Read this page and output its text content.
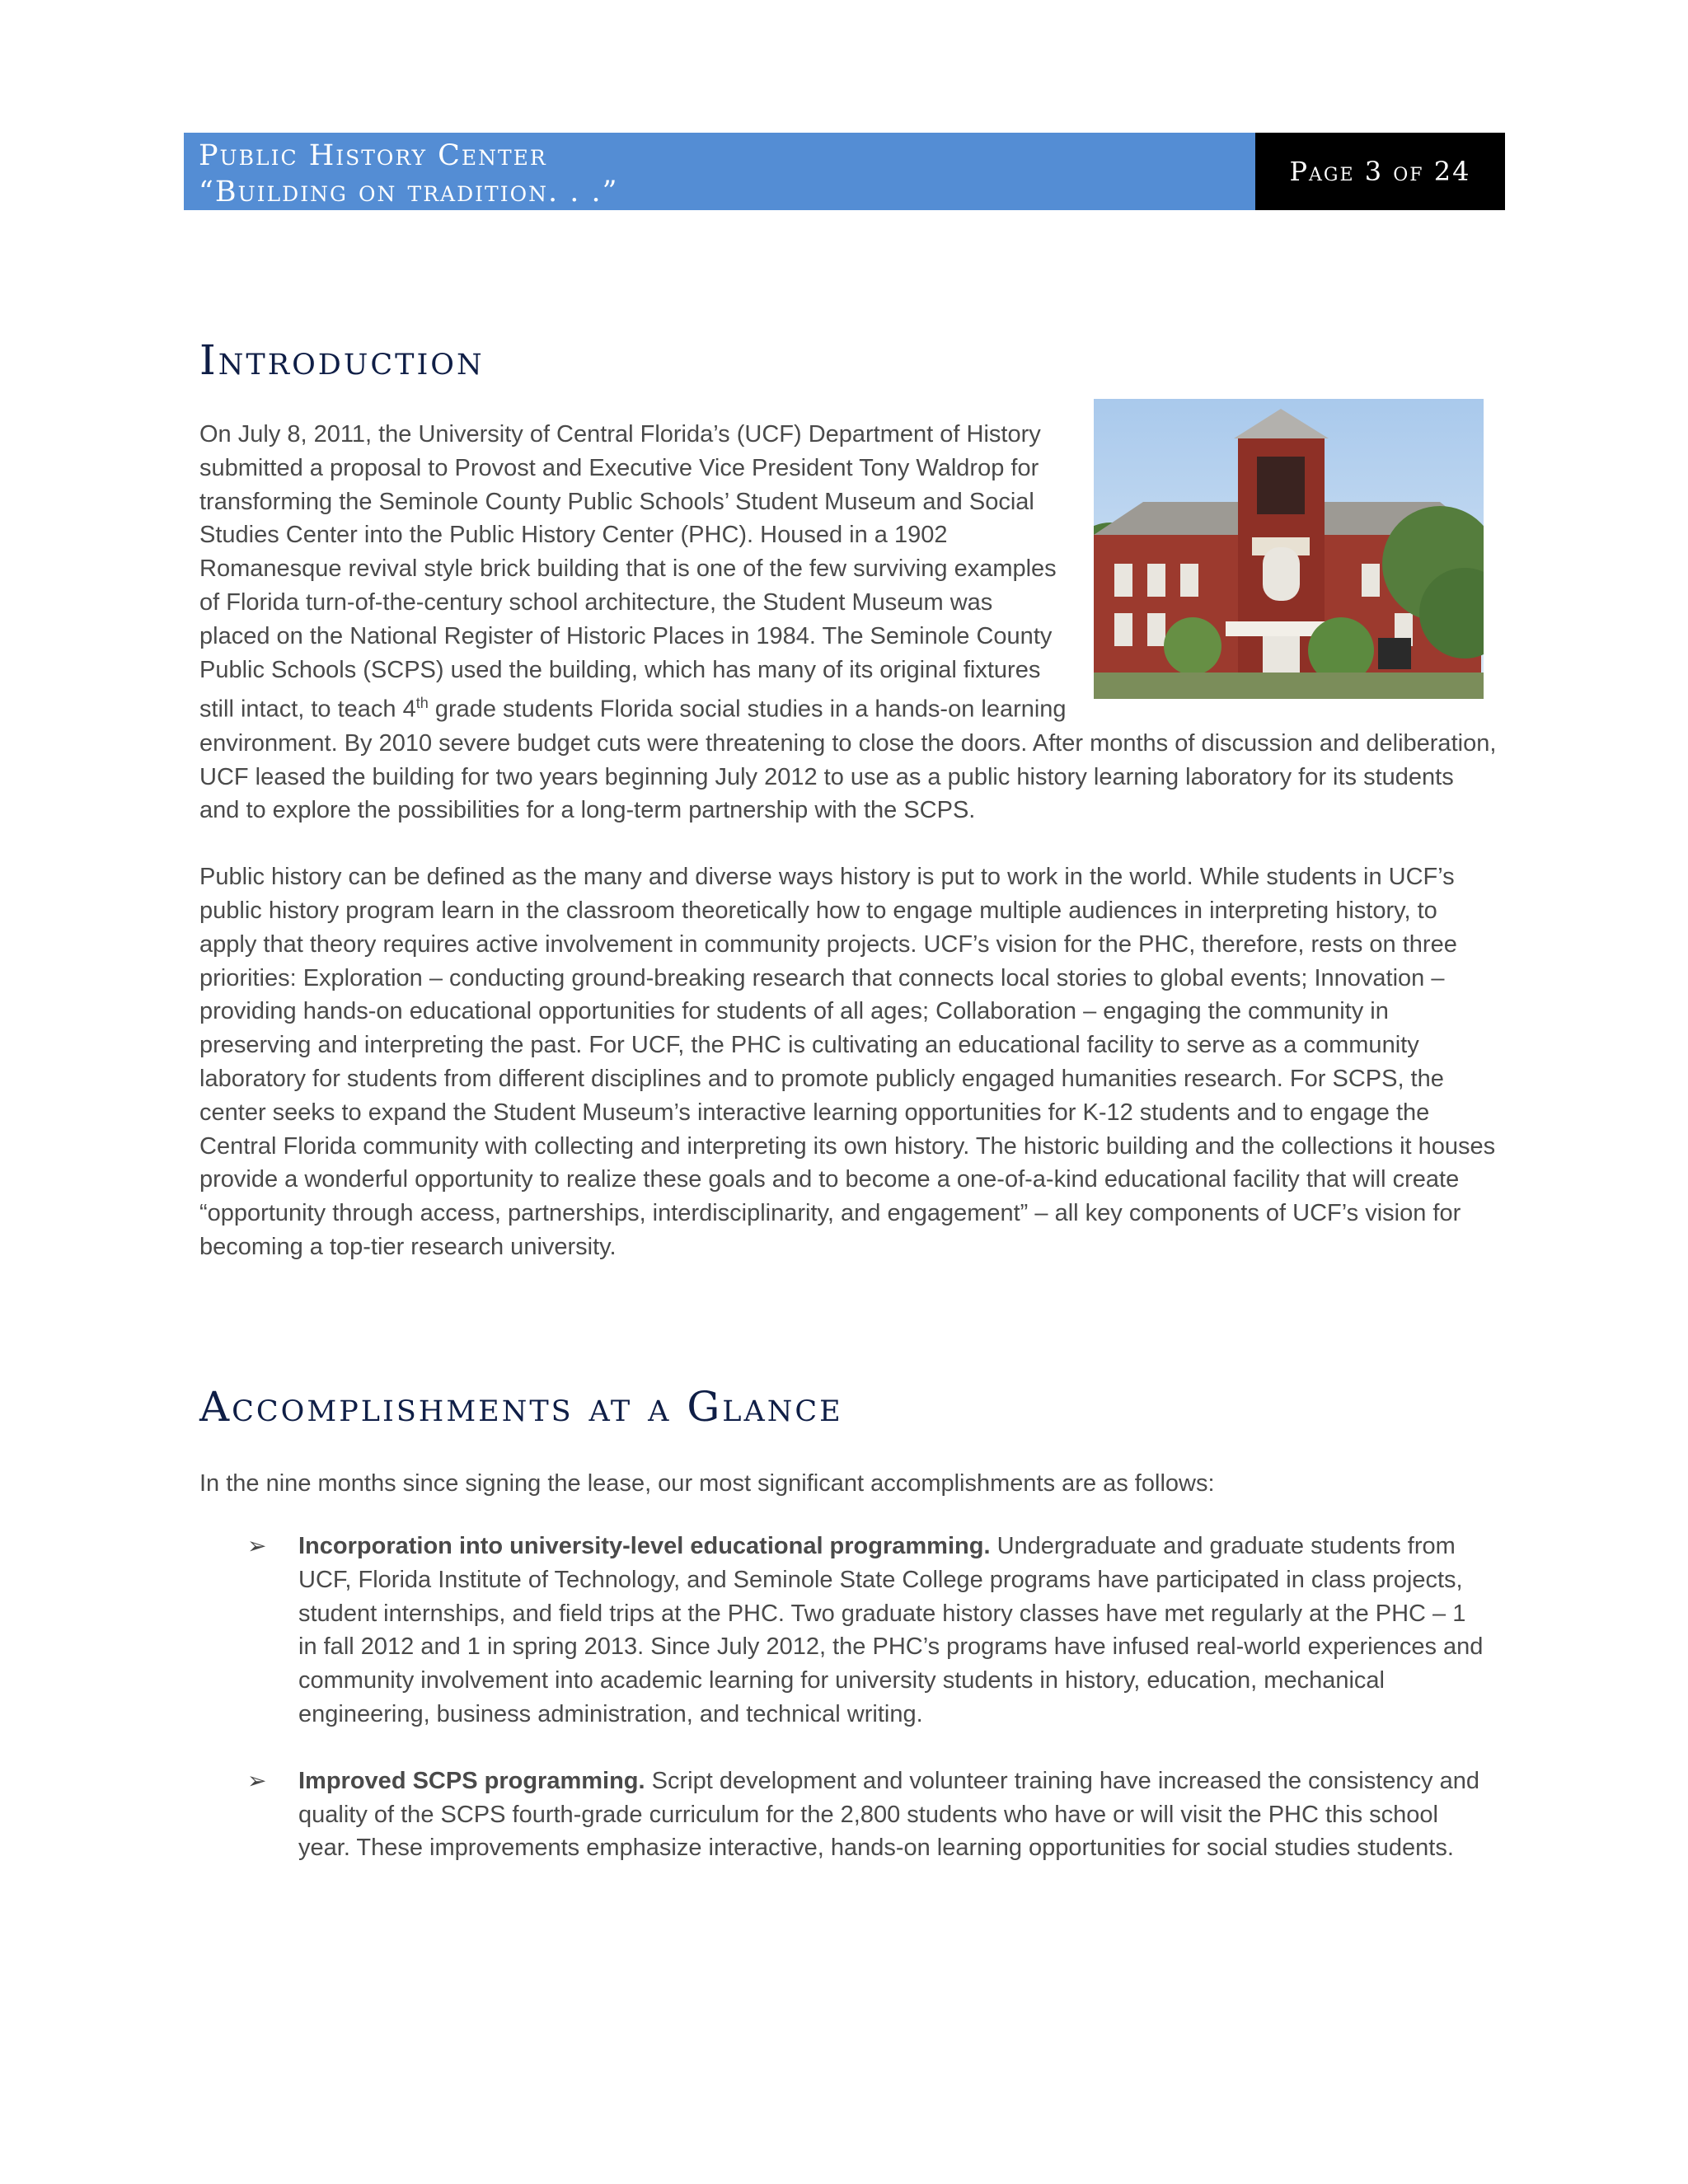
Public History Center
“Building on tradition. . .”
Page 3 of 24
Introduction

On July 8, 2011, the University of Central Florida’s (UCF) Department of History submitted a proposal to Provost and Executive Vice President Tony Waldrop for transforming the Seminole County Public Schools’ Student Museum and Social Studies Center into the Public History Center (PHC). Housed in a 1902 Romanesque revival style brick building that is one of the few surviving examples of Florida turn-of-the-century school architecture, the Student Museum was placed on the National Register of Historic Places in 1984. The Seminole County Public Schools (SCPS) used the building, which has many of its original fixtures still intact, to teach 4th grade students Florida social studies in a hands-on learning environment. By 2010 severe budget cuts were threatening to close the doors. After months of discussion and deliberation, UCF leased the building for two years beginning July 2012 to use as a public history learning laboratory for its students and to explore the possibilities for a long-term partnership with the SCPS.

Public history can be defined as the many and diverse ways history is put to work in the world. While students in UCF’s public history program learn in the classroom theoretically how to engage multiple audiences in interpreting history, to apply that theory requires active involvement in community projects. UCF’s vision for the PHC, therefore, rests on three priorities: Exploration – conducting ground-breaking research that connects local stories to global events; Innovation – providing hands-on educational opportunities for students of all ages; Collaboration – engaging the community in preserving and interpreting the past. For UCF, the PHC is cultivating an educational facility to serve as a community laboratory for students from different disciplines and to promote publicly engaged humanities research. For SCPS, the center seeks to expand the Student Museum’s interactive learning opportunities for K-12 students and to engage the Central Florida community with collecting and interpreting its own history. The historic building and the collections it houses provide a wonderful opportunity to realize these goals and to become a one-of-a-kind educational facility that will create “opportunity through access, partnerships, interdisciplinarity, and engagement” – all key components of UCF’s vision for becoming a top-tier research university.

Accomplishments at a Glance

In the nine months since signing the lease, our most significant accomplishments are as follows:

➢ Incorporation into university-level educational programming. Undergraduate and graduate students from UCF, Florida Institute of Technology, and Seminole State College programs have participated in class projects, student internships, and field trips at the PHC. Two graduate history classes have met regularly at the PHC – 1 in fall 2012 and 1 in spring 2013. Since July 2012, the PHC’s programs have infused real-world experiences and community involvement into academic learning for university students in history, education, mechanical engineering, business administration, and technical writing.
➢ Improved SCPS programming. Script development and volunteer training have increased the consistency and quality of the SCPS fourth-grade curriculum for the 2,800 students who have or will visit the PHC this school year. These improvements emphasize interactive, hands-on learning opportunities for social studies students.
